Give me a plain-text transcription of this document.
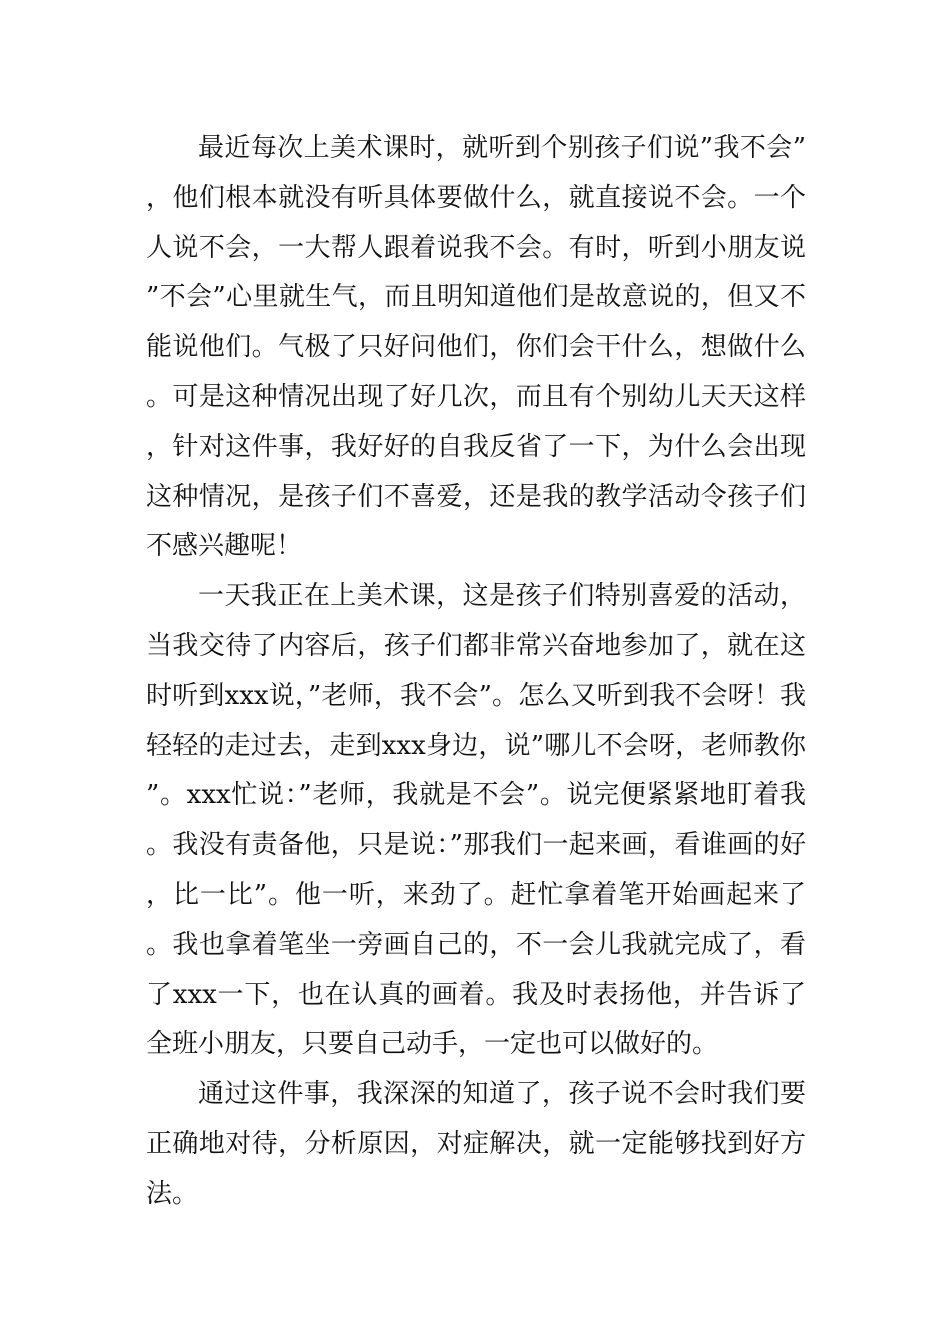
最近每次上美术课时，就听到个别孩子们说”我不会”，他们根本就没有听具体要做什么，就直接说不会。一个人说不会，一大帮人跟着说我不会。有时，听到小朋友说”不会”心里就生气，而且明知道他们是故意说的，但又不能说他们。气极了只好问他们，你们会干什么，想做什么。可是这种情况出现了好几次，而且有个别幼儿天天这样，针对这件事，我好好的自我反省了一下，为什么会出现这种情况，是孩子们不喜爱，还是我的教学活动令孩子们不感兴趣呢！

一天我正在上美术课，这是孩子们特别喜爱的活动，当我交待了内容后，孩子们都非常兴奋地参加了，就在这时听到xxx说，”老师，我不会”。怎么又听到我不会呀！我轻轻的走过去，走到xxx身边，说”哪儿不会呀，老师教你”。xxx忙说：”老师，我就是不会”。说完便紧紧地盯着我。我没有责备他，只是说：”那我们一起来画，看谁画的好，比一比”。他一听，来劲了。赶忙拿着笔开始画起来了。我也拿着笔坐一旁画自己的，不一会儿我就完成了，看了xxx一下，也在认真的画着。我及时表扬他，并告诉了全班小朋友，只要自己动手，一定也可以做好的。

通过这件事，我深深的知道了，孩子说不会时我们要正确地对待，分析原因，对症解决，就一定能够找到好方法。
